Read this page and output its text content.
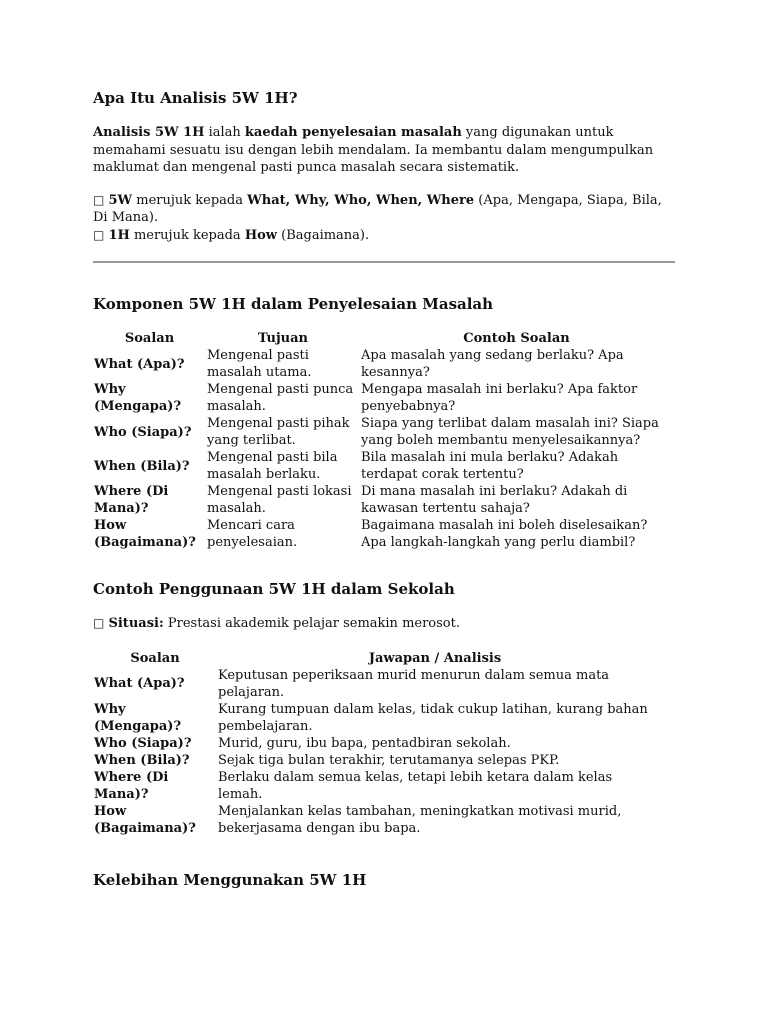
Apa Itu Analisis 5W 1H?

Analisis 5W 1H ialah kaedah penyelesaian masalah yang digunakan untuk memahami sesuatu isu dengan lebih mendalam. Ia membantu dalam mengumpulkan maklumat dan mengenal pasti punca masalah secara sistematik.

□ 5W merujuk kepada What, Why, Who, When, Where (Apa, Mengapa, Siapa, Bila, Di Mana).

□ 1H merujuk kepada How (Bagaimana).

Komponen 5W 1H dalam Penyelesaian Masalah
Soalan	Tujuan	Contoh Soalan
What (Apa)?	Mengenal pasti masalah utama.	Apa masalah yang sedang berlaku? Apa kesannya?
Why (Mengapa)?	Mengenal pasti punca masalah.	Mengapa masalah ini berlaku? Apa faktor penyebabnya?
Who (Siapa)?	Mengenal pasti pihak yang terlibat.	Siapa yang terlibat dalam masalah ini? Siapa yang boleh membantu menyelesaikannya?
When (Bila)?	Mengenal pasti bila masalah berlaku.	Bila masalah ini mula berlaku? Adakah terdapat corak tertentu?
Where (Di Mana)?	Mengenal pasti lokasi masalah.	Di mana masalah ini berlaku? Adakah di kawasan tertentu sahaja?
How (Bagaimana)?	Mencari cara penyelesaian.	Bagaimana masalah ini boleh diselesaikan? Apa langkah-langkah yang perlu diambil?
Contoh Penggunaan 5W 1H dalam Sekolah

□ Situasi: Prestasi akademik pelajar semakin merosot.

Soalan	Jawapan / Analisis
What (Apa)?	Keputusan peperiksaan murid menurun dalam semua mata pelajaran.
Why (Mengapa)?	Kurang tumpuan dalam kelas, tidak cukup latihan, kurang bahan pembelajaran.
Who (Siapa)?	Murid, guru, ibu bapa, pentadbiran sekolah.
When (Bila)?	Sejak tiga bulan terakhir, terutamanya selepas PKP.
Where (Di Mana)?	Berlaku dalam semua kelas, tetapi lebih ketara dalam kelas lemah.
How (Bagaimana)?	Menjalankan kelas tambahan, meningkatkan motivasi murid, bekerjasama dengan ibu bapa.
Kelebihan Menggunakan 5W 1H
